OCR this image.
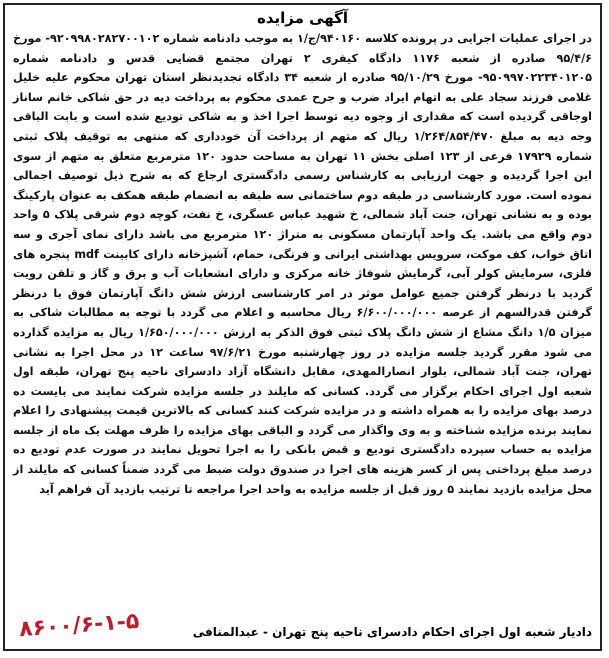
آگهی مزایده
در اجرای عملیات اجرایی در پرونده کلاسه ۹۴۰۱۶۰/ج/۱ به موجب دادنامه شماره ۹۲۰۹۹۸۰۲۸۲۷۰۰۱۰۲- مورخ ۹۵/۴/۶ صادره از شعبه ۱۱۷۶ دادگاه کیفری ۲ تهران مجتمع قضایی قدس و دادنامه شماره ۹۵۰۹۹۷۰۲۲۳۴۰۱۲۰۵- مورخ ۹۵/۱۰/۲۹ صادره از شعبه ۳۴ دادگاه تجدیدنظر استان تهران محکوم علیه خلیل غلامی فرزند سجاد علی به اتهام ایراد ضرب و جرح عمدی محکوم به پرداخت دیه در حق شاکی خانم ساناز اوجاقی گردیده است که مقداری از وجوه دیه توسط اجرا اخذ و به شاکی تودیع شده است و بابت الباقی وجه دیه به مبلغ ۱/۲۶۴/۸۵۴/۴۷۰ ریال که متهم از پرداخت آن خودداری که منتهی به توقیف پلاک ثبتی شماره ۱۷۹۲۹ فرعی از ۱۲۳ اصلی بخش ۱۱ تهران به مساحت حدود ۱۲۰ مترمربع متعلق به متهم از سوی این اجرا گردیده و جهت ارزیابی به کارشناس رسمی دادگستری ارجاع که به شرح ذیل توصیف اجمالی نموده است. مورد کارشناسی در طبقه دوم ساختمانی سه طبقه به انضمام طبقه همکف به عنوان پارکینگ بوده و به نشانی تهران، جنت آباد شمالی، خ شهید عباس عسگری، خ نفت، کوچه دوم شرقی پلاک ۵ واحد دوم واقع می باشد. یک واحد آپارتمان مسکونی به متراژ ۱۲۰ مترمربع می باشد دارای نمای آجری و سه اتاق خواب، کف موکت، سرویس بهداشتی ایرانی و فرنگی، حمام، آشپزخانه دارای کابینت mdf پنجره های فلزی، سرمایش کولر آبی، گرمایش شوفاژ خانه مرکزی و دارای انشعابات آب و برق و گاز و تلفن رویت گردید با درنظر گرفتن جمیع عوامل موثر در امر کارشناسی ارزش شش دانگ آپارتمان فوق با درنظر گرفتن قدرالسهم از عرصه ۶/۶۰۰/۰۰۰/۰۰۰ ریال محاسبه و اعلام می گردد با توجه به مطالبات شاکی به میزان ۱/۵ دانگ مشاع از شش دانگ پلاک ثبتی فوق الذکر به ارزش ۱/۶۵۰/۰۰۰/۰۰۰ ریال به مزایده گذارده می شود مقرر گردید جلسه مزایده در روز چهارشنبه مورخ ۹۷/۶/۲۱ ساعت ۱۲ در محل اجرا به نشانی تهران، جنت آباد شمالی، بلوار انصارالمهدی، مقابل دانشگاه آزاد دادسرای ناحیه پنج تهران، طبقه اول شعبه اول اجرای احکام برگزار می گردد. کسانی که مایلند در جلسه مزایده شرکت نمایند می بایست ده درصد بهای مزایده را به همراه داشته و در مزایده شرکت کنند کسانی که بالاترین قیمت پیشنهادی را اعلام نمایند برنده مزایده شناخته و به وی واگذار می گردد و الباقی بهای مزایده را ظرف مهلت یک ماه از جلسه مزایده به حساب سپرده دادگستری تودیع و قبض بانکی را به اجرا تحویل نمایند در صورت عدم تودیع ده درصد مبلغ پرداختی پس از کسر هزینه های اجرا در صندوق دولت ضبط می گردد ضمناً کسانی که مایلند از محل مزایده بازدید نمایند ۵ روز قبل از جلسه مزایده به واحد اجرا مراجعه تا ترتیب بازدید آن فراهم آید
دادیار شعبه اول اجرای احکام دادسرای ناحیه پنج تهران - عبدالمنافی
۸۶۰۰/۶-۱-۵
